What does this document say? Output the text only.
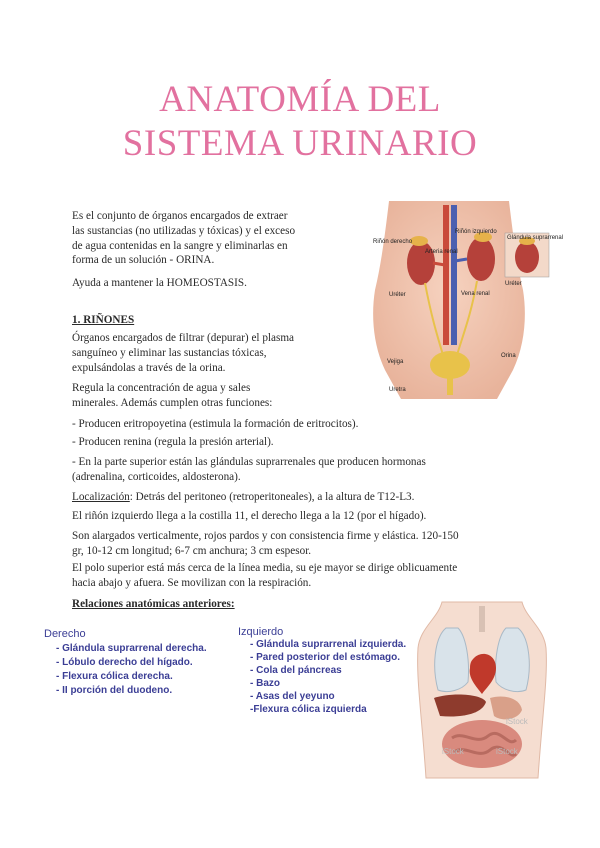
ANATOMÍA DEL
SISTEMA URINARIO
Es el conjunto de órganos encargados de extraer
las sustancias (no utilizadas y tóxicas) y el exceso
de agua contenidas en la sangre y eliminarlas en
forma de un solución - ORINA.
Ayuda a mantener la HOMEOSTASIS.
1. RIÑONES
Órganos encargados de filtrar (depurar) el plasma
sanguíneo y eliminar las sustancias tóxicas,
expulsándolas a través de la orina.
Regula la concentración de agua y sales
minerales. Además cumplen otras funciones:
- Producen eritropoyetina (estimula la formación de eritrocitos).
- Producen renina (regula la presión arterial).
- En la parte superior están las glándulas suprarrenales que producen hormonas
(adrenalina, corticoides, aldosterona).
Localización: Detrás del peritoneo (retroperitoneales), a la altura de T12-L3.
El riñón izquierdo llega a la costilla 11, el derecho llega a la 12 (por el hígado).
Son alargados verticalmente, rojos pardos y con consistencia firme y elástica. 120-150
gr, 10-12 cm longitud; 6-7 cm anchura; 3 cm espesor.
El polo superior está más cerca de la línea media, su eje mayor se dirige oblicuamente
hacia abajo y afuera. Se movilizan con la respiración.
Relaciones anatómicas anteriores:
Riñón derecho
Riñón izquierdo
Glándula suprarrenal
Uréter
Arteria renal
Vena renal
Uréter
Vejiga
Uretra
Orina
Derecho
- Glándula suprarrenal derecha.
- Lóbulo derecho del hígado.
- Flexura cólica derecha.
- II porción del duodeno.
Izquierdo
- Glándula suprarrenal izquierda.
- Pared posterior del estómago.
- Cola del páncreas
- Bazo
- Asas del yeyuno
-Flexura cólica izquierda
iStock
iStock	iStock
